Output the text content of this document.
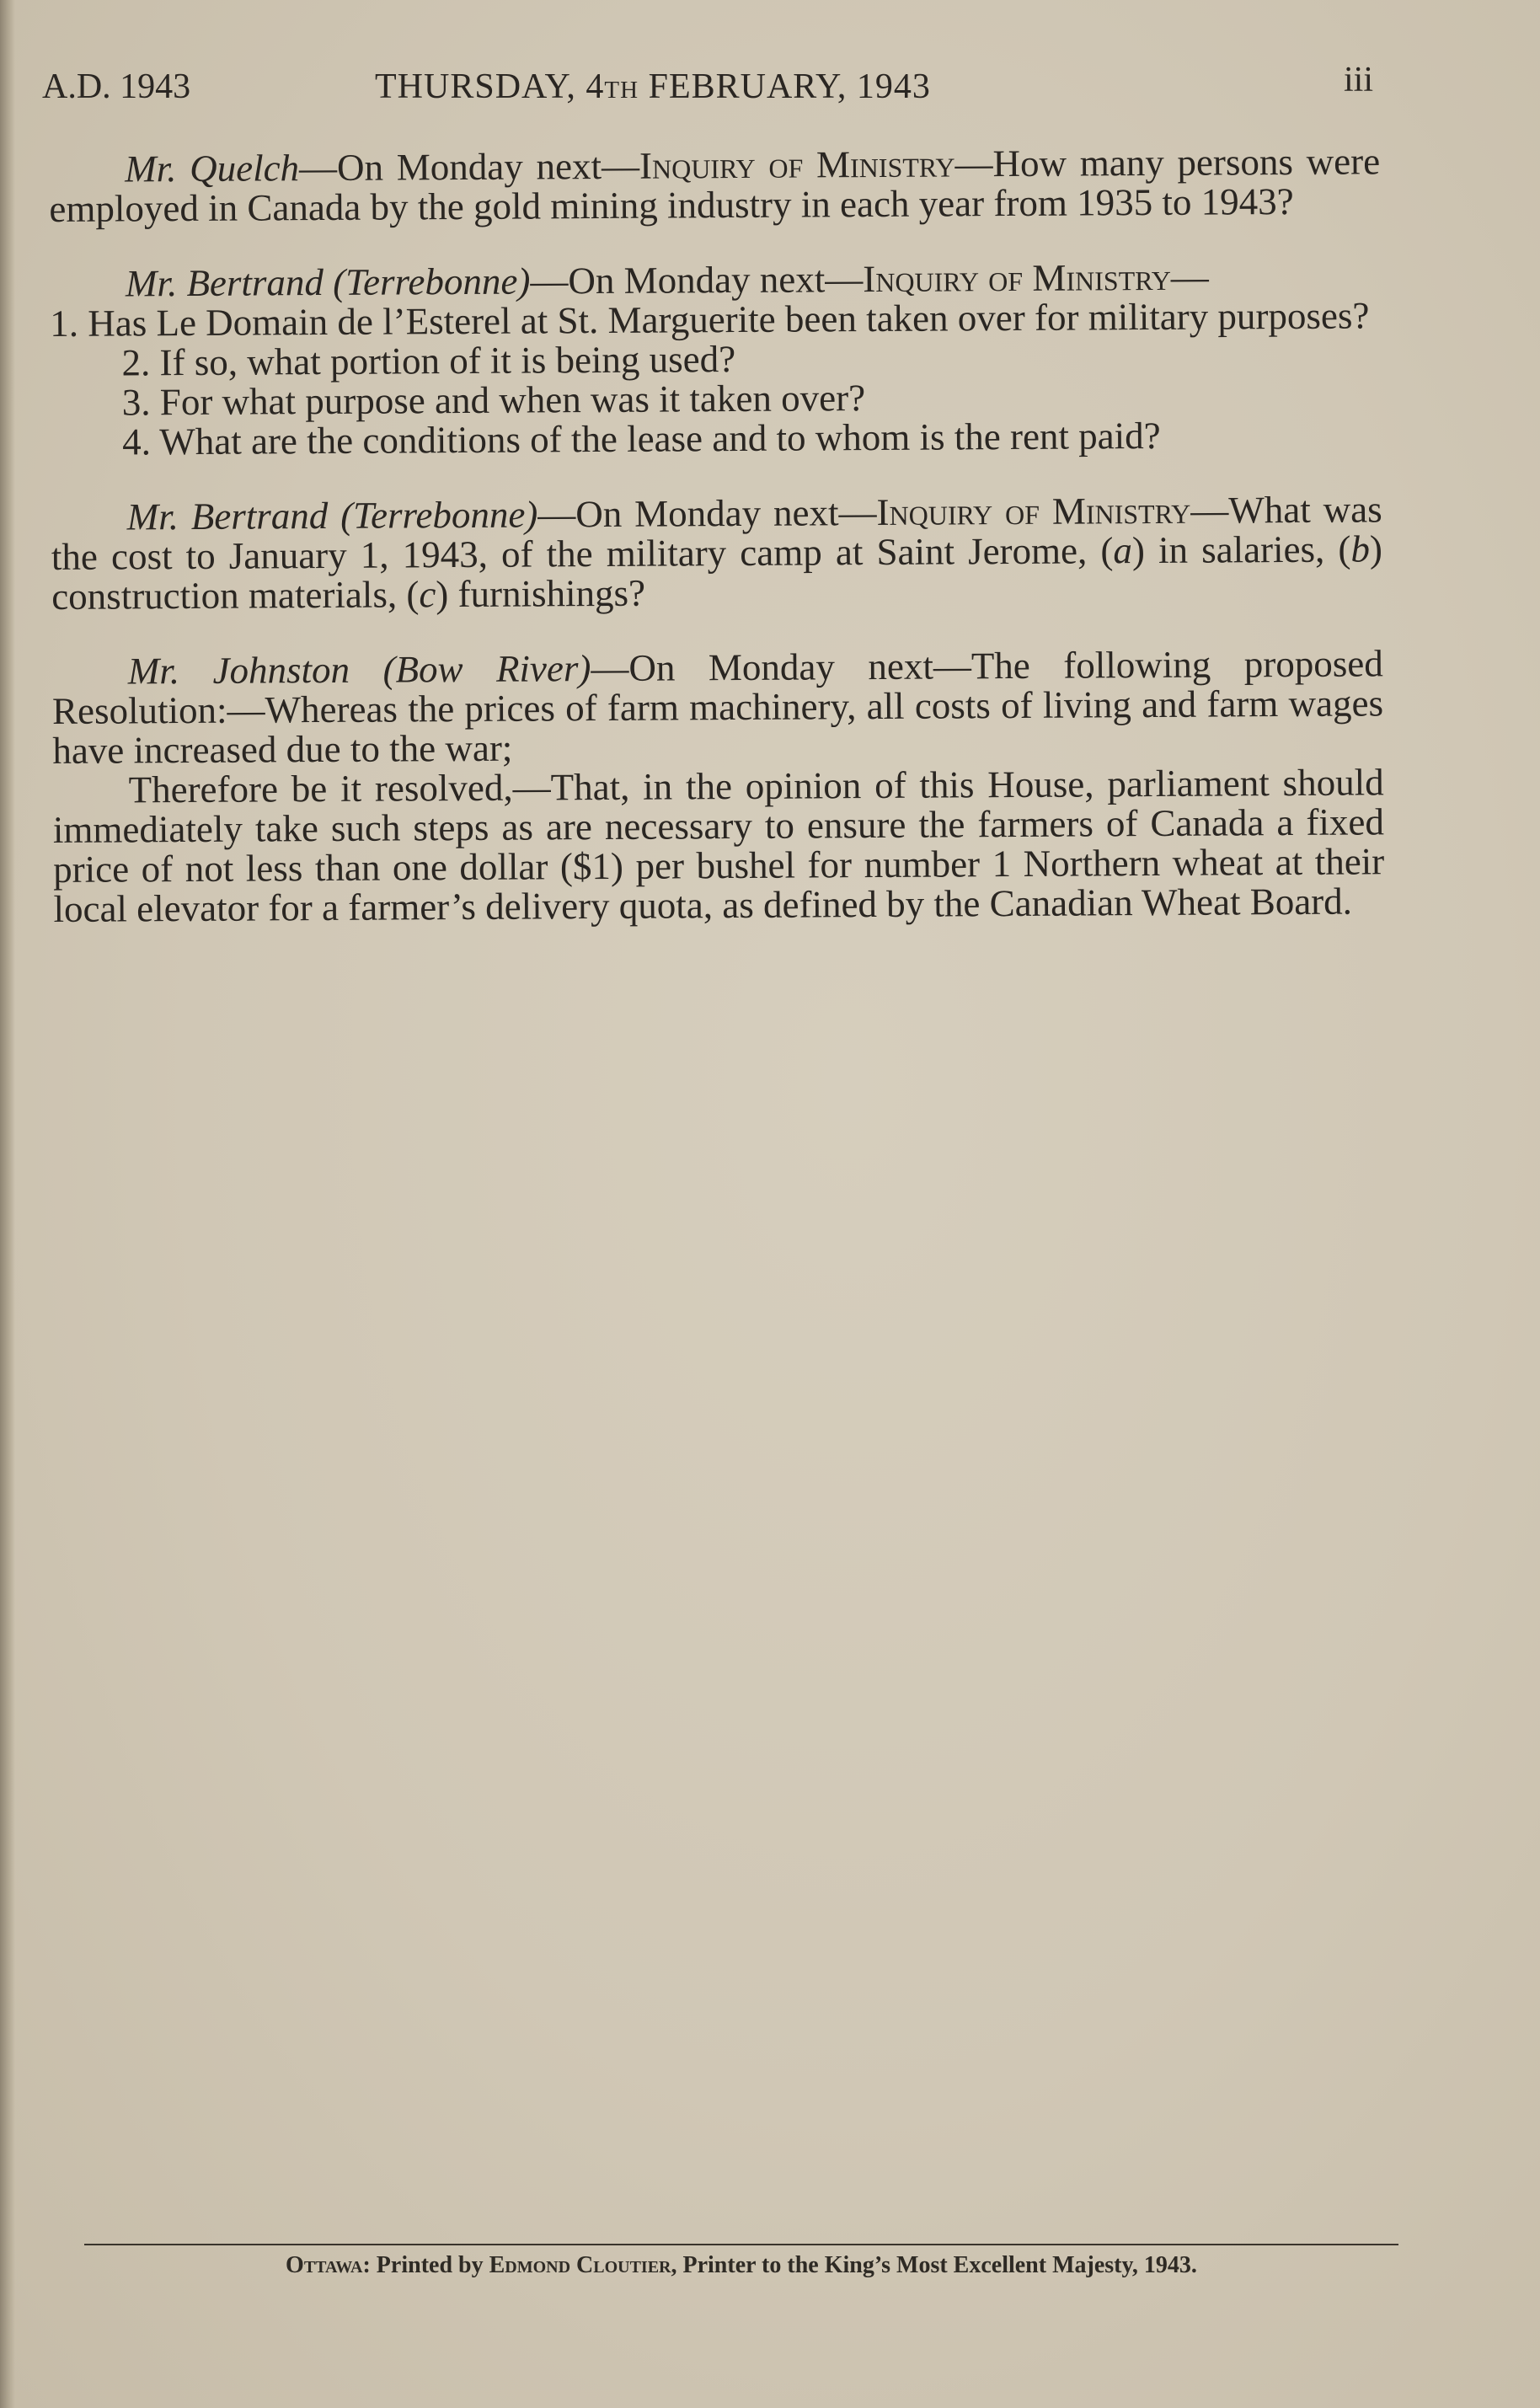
A.D. 1943	THURSDAY, 4th FEBRUARY, 1943	iii

Mr. Quelch—On Monday next—Inquiry of Ministry—How many persons were employed in Canada by the gold mining industry in each year from 1935 to 1943?

Mr. Bertrand (Terrebonne)—On Monday next—Inquiry of Ministry—

1. Has Le Domain de l’Esterel at St. Marguerite been taken over for military purposes?

2. If so, what portion of it is being used?

3. For what purpose and when was it taken over?

4. What are the conditions of the lease and to whom is the rent paid?

Mr. Bertrand (Terrebonne)—On Monday next—Inquiry of Ministry—What was the cost to January 1, 1943, of the military camp at Saint Jerome, (a) in salaries, (b) construction materials, (c) furnishings?

Mr. Johnston (Bow River)—On Monday next—The following proposed Resolution:—Whereas the prices of farm machinery, all costs of living and farm wages have increased due to the war;

Therefore be it resolved,—That, in the opinion of this House, parliament should immediately take such steps as are necessary to ensure the farmers of Canada a fixed price of not less than one dollar ($1) per bushel for number 1 Northern wheat at their local elevator for a farmer’s delivery quota, as defined by the Canadian Wheat Board.

Ottawa: Printed by Edmond Cloutier, Printer to the King’s Most Excellent Majesty, 1943.
